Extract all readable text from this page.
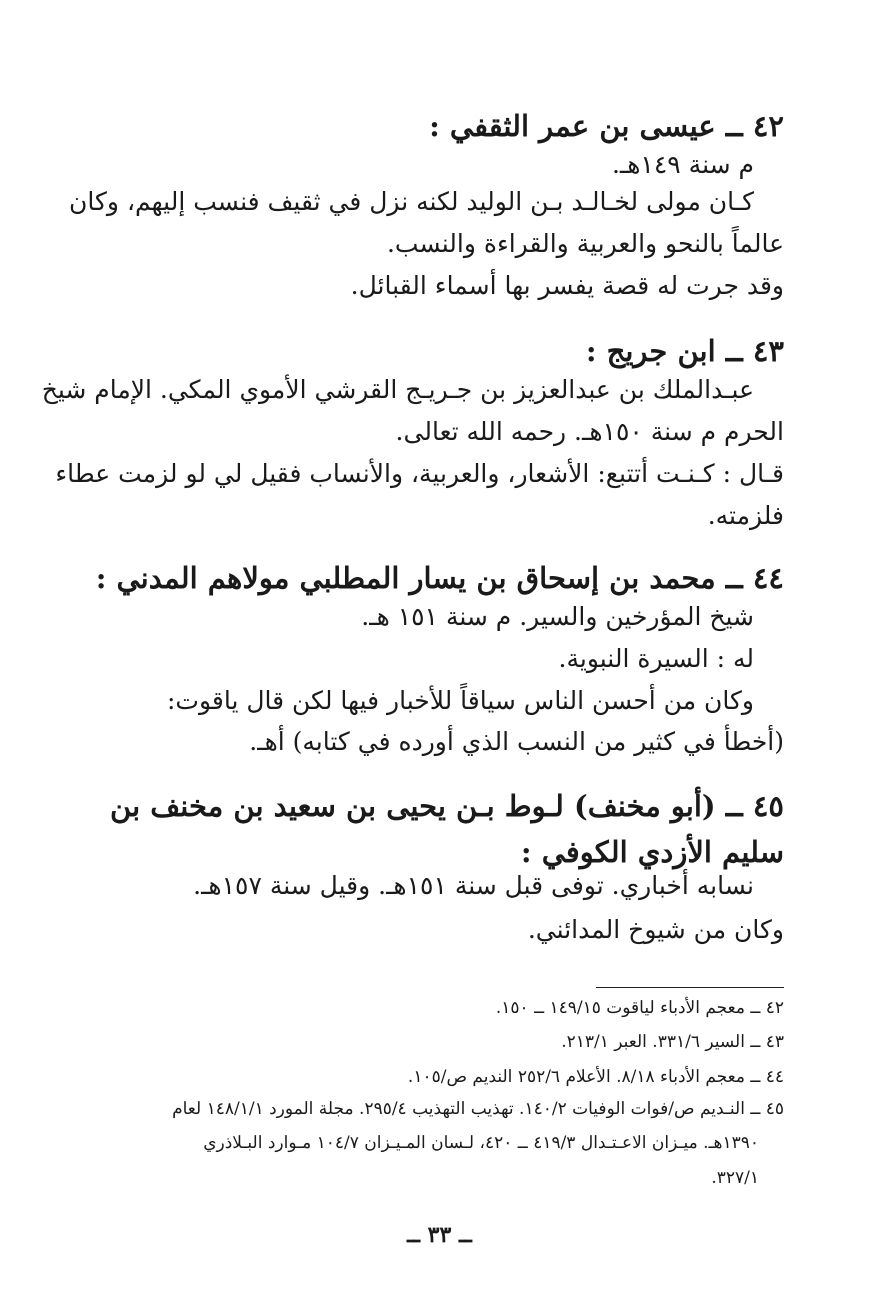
٤٢ ــ عيسى بن عمر الثقفي :
م سنة ١٤٩هـ.
كـان مولى لخـالـد بـن الوليد لكنه نزل في ثقيف فنسب إليهم، وكان
عالماً بالنحو والعربية والقراءة والنسب.
وقد جرت له قصة يفسر بها أسماء القبائل.
٤٣ ــ ابن جريج :
عبـدالملك بن عبدالعزيز بن جـريـج القرشي الأموي المكي. الإمام شيخ
الحرم م سنة ١٥٠هـ. رحمه الله تعالى.
قـال : كـنـت أتتبع: الأشعار، والعربية، والأنساب فقيل لي لو لزمت عطاء
فلزمته.
٤٤ ــ محمد بن إسحاق بن يسار المطلبي مولاهم المدني :
شيخ المؤرخين والسير. م سنة ١٥١ هـ.
له : السيرة النبوية.
وكان من أحسن الناس سياقاً للأخبار فيها لكن قال ياقوت:
(أخطأ في كثير من النسب الذي أورده في كتابه) أهـ.
٤٥ ــ (أبو مخنف) لـوط بـن يحيى بن سعيد بن مخنف بن سليم الأزدي الكوفي :
نسابه أخباري. توفى قبل سنة ١٥١هـ. وقيل سنة ١٥٧هـ.
وكان من شيوخ المدائني.
٤٢ ــ معجم الأدباء لياقوت ١٤٩/١٥ ــ ١٥٠.
٤٣ ــ السير ٣٣١/٦. العبر ٢١٣/١.
٤٤ ــ معجم الأدباء ٨/١٨. الأعلام ٢٥٢/٦ النديم ص/١٠٥.
٤٥ ــ النـديم ص/فوات الوفيات ١٤٠/٢. تهذيب التهذيب ٢٩٥/٤. مجلة المورد ١٤٨/١/١ لعام
١٣٩٠هـ. ميـزان الاعـتـدال ٤١٩/٣ ــ ٤٢٠، لـسان المـيـزان ١٠٤/٧ مـوارد البـلاذري
٣٢٧/١.
ــ ٣٣ ــ
